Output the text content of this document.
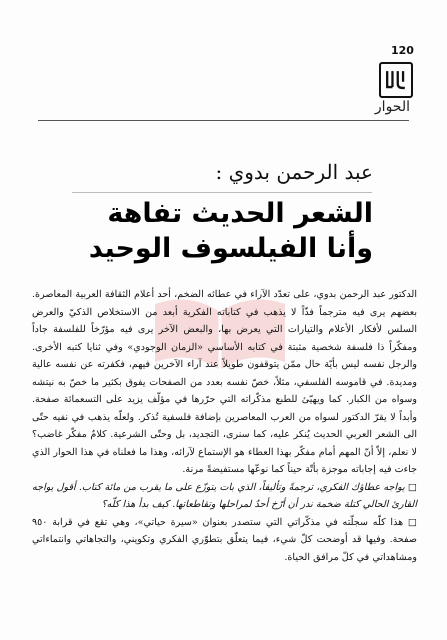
120
الحوار
عبد الرحمن بدوي :
الشعر الحديث تفاهة
وأنا الفيلسوف الوحيد

الدكتور عبد الرحمن بدوي، على تعدّد الآراء في عطائه الضخم، أحد أعلام الثقافة العربية المعاصرة. بعضهم يرى فيه مترجماً فذّاً لا يذهب في كتاباته الفكرية أبعد من الاستخلاص الذكيّ والعرض السلس لأفكار الأعلام والتيارات التي يعرض بها، والبعض الآخر يرى فيه مؤرّخاً للفلسفة جاداً ومفكّراً ذا فلسفة شخصية مثبتة في كتابه الأساسي «الزمان الوجودي» وفي ثنايا كتبه الأخرى. والرجل نفسه ليس بأيّة حال ممّن يتوقفون طويلاً عند آراء الآخرين فيهم، فكفرته عن نفسه عالية ومديدة. في قاموسه الفلسفي، مثلاً، خصّ نفسه بعدد من الصفحات يفوق بكثير ما خصّ به نيتشه وسواه من الكبار. كما ويهيّئ للطبع مذكّراته التي حرّرها في مؤلّف يزيد على التسعمائة صفحة. وأبداً لا يقرّ الدكتور لسواه من العرب المعاصرين بإضافة فلسفية تُذكر. ولعلّه يذهب في نفيه حتّى الى الشعر العربي الحديث يُنكر عليه، كما سنرى، التجديد، بل وحتّى الشرعية. كلامٌ مفكّر غاضب؟ لا نعلم، إلاّ أنّ المهم أمام مفكّر بهذا العطاء هو الإستماع لآرائه، وهذا ما فعلناه في هذا الحوار الذي جاءت فيه إجاباته موجزة بأتّة حيناً كما نوعّها مستفيضةً مرنة.

□ يواجه عطاؤك الفكري، ترجمةً وتأليفاً، الذي بات يتوزّع على ما يقرب من مائة كتاب. أقول يواجه القارئ الحالي كتلة ضخمة ندر أن أرّخ أحدٌ لمراحلها وتقاطعاتها. كيف بدأ هذا كلّه؟

□ هذا كلّه سجلّته في مذكّراتي التي ستصدر بعنوان «سيرة حياتي»، وهي تقع في قرابة ٩٥٠ صفحة. وفيها قد أوضحت كلّ شيء، فيما يتعلّق بتطوّري الفكري وتكويني، والتجاهاتي وانتماءاتي ومشاهداتي في كلّ مرافق الحياة.
